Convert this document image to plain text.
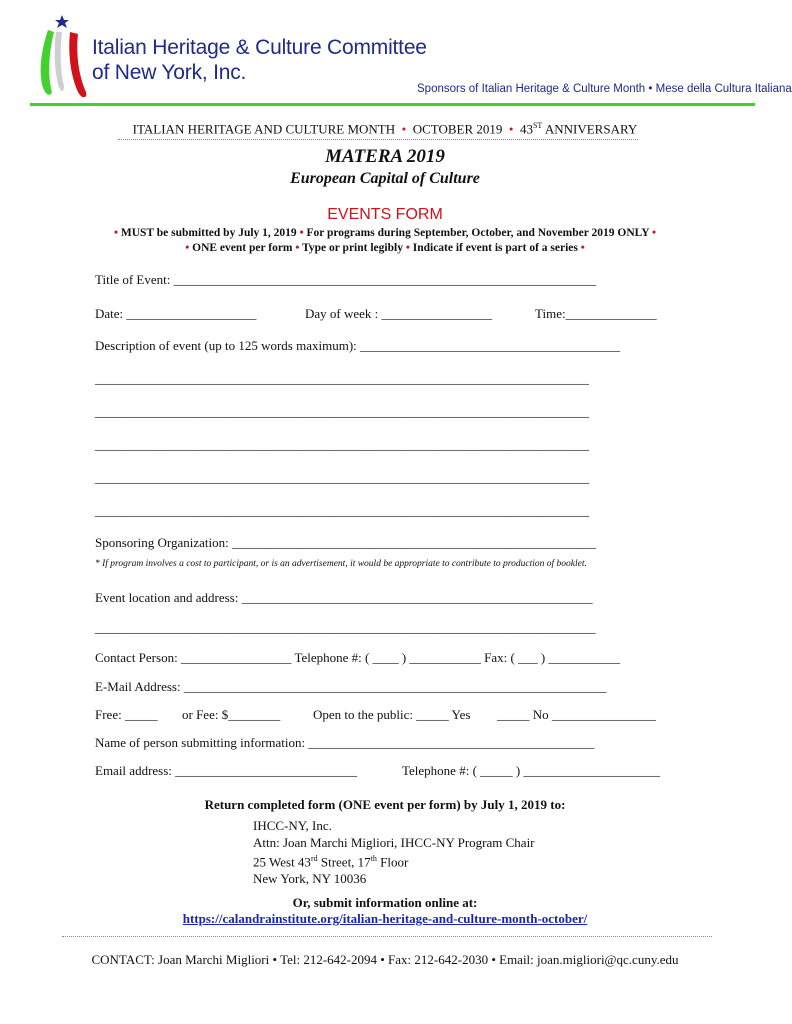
Italian Heritage & Culture Committee
of New York, Inc.
Sponsors of Italian Heritage & Culture Month • Mese della Cultura Italiana
ITALIAN HERITAGE AND CULTURE MONTH • OCTOBER 2019 • 43ST ANNIVERSARY
MATERA 2019
European Capital of Culture
EVENTS FORM
• MUST be submitted by July 1, 2019 • For programs during September, October, and November 2019 ONLY •
• ONE event per form • Type or print legibly • Indicate if event is part of a series •
Title of Event: _________________________________________________________________
Date: ____________________	Day of week : _________________	Time:______________
Description of event (up to 125 words maximum): ________________________________________
____________________________________________________________________________
____________________________________________________________________________
____________________________________________________________________________
____________________________________________________________________________
____________________________________________________________________________
Sponsoring Organization: ________________________________________________________
* If program involves a cost to participant, or is an advertisement, it would be appropriate to contribute to production of booklet.
Event location and address: ______________________________________________________
_____________________________________________________________________________
Contact Person: _________________ Telephone #: ( ____ ) ___________ Fax: ( ___ ) ___________
E-Mail Address: _________________________________________________________________
Free: _____ or Fee: $________	Open to the public: _____ Yes _____ No ________________
Name of person submitting information: ____________________________________________
Email address: ____________________________	Telephone #: ( _____ ) _____________________
Return completed form (ONE event per form) by July 1, 2019 to:
IHCC-NY, Inc.
Attn: Joan Marchi Migliori, IHCC-NY Program Chair
25 West 43rd Street, 17th Floor
New York, NY 10036
Or, submit information online at:
https://calandrainstitute.org/italian-heritage-and-culture-month-october/
CONTACT: Joan Marchi Migliori • Tel: 212-642-2094 • Fax: 212-642-2030 • Email: joan.migliori@qc.cuny.edu
